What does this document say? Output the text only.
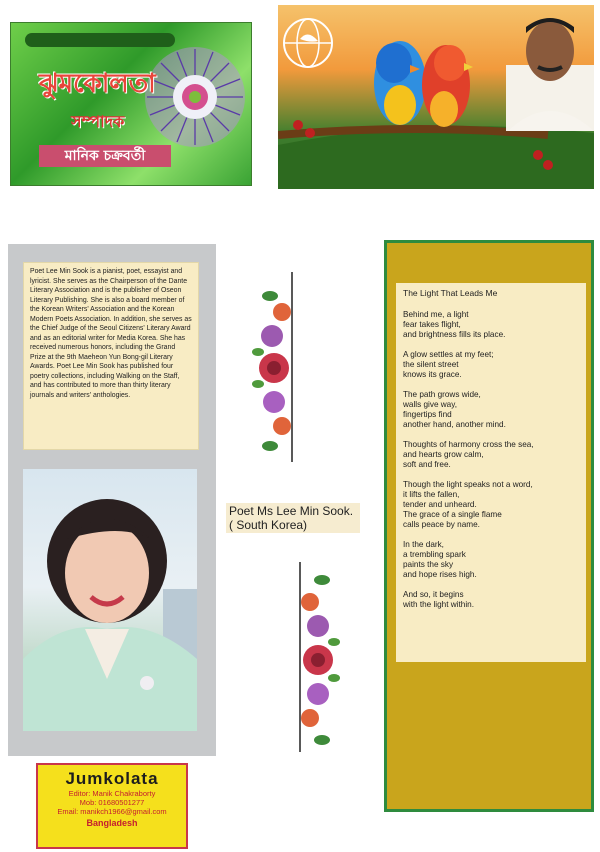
ঝুমকোলতা
সম্পাদক
মানিক চক্রবর্তী
Poet Lee Min Sook is a pianist, poet, essayist and lyricist. She serves as the Chairperson of the Dante Literary Association and is the publisher of Oseon Literary Publishing. She is also a board member of the Korean Writers' Association and the Korean Modern Poets Association. In addition, she serves as the Chief Judge of the Seoul Citizens' Literary Award and as an editorial writer for Media Korea. She has received numerous honors, including the Grand Prize at the 9th Maeheon Yun Bong-gil Literary Awards. Poet Lee Min Sook has published four poetry collections, including Walking on the Staff, and has contributed to more than thirty literary journals and writers' anthologies.
Jumkolata
Editor: Manik Chakraborty
Mob: 01680501277
Email: manikch1966@gmail.com
Bangladesh
Poet Ms Lee Min Sook.
( South Korea)
The Light That Leads Me
Behind me, a light
fear takes flight,
and brightness fills its place.

A glow settles at my feet;
the silent street
knows its grace.

The path grows wide,
walls give way,
fingertips find
another hand, another mind.

Thoughts of harmony cross the sea,
and hearts grow calm,
soft and free.

Though the light speaks not a word,
it lifts the fallen,
tender and unheard.
The grace of a single flame
calls peace by name.

In the dark,
a trembling spark
paints the sky
and hope rises high.

And so, it begins
with the light within.
